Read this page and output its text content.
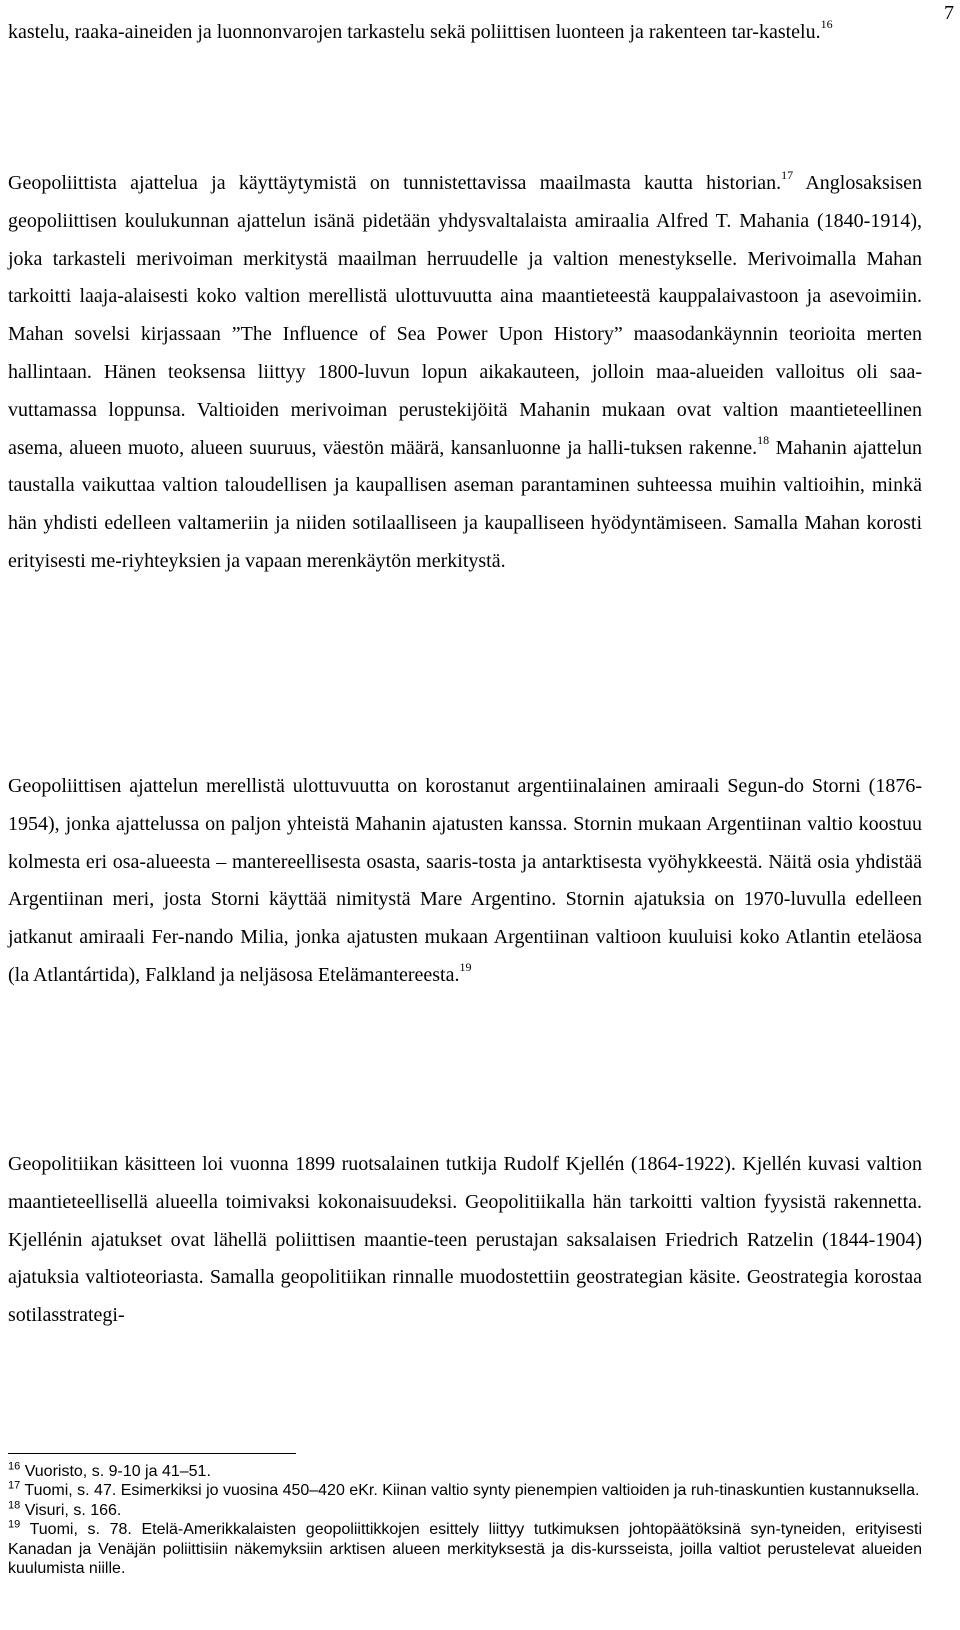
7

kastelu, raaka-aineiden ja luonnonvarojen tarkastelu sekä poliittisen luonteen ja rakenteen tar-kastelu.$^{16}$

Geopoliittista ajattelua ja käyttäytymistä on tunnistettavissa maailmasta kautta historian.$^{17}$ Anglosaksisen geopoliittisen koulukunnan ajattelun isänä pidetään yhdysvaltalaista amiraalia Alfred T. Mahania (1840-1914), joka tarkasteli merivoiman merkitystä maailman herruudelle ja valtion menestykselle. Merivoimalla Mahan tarkoitti laaja-alaisesti koko valtion merellistä ulottuvuutta aina maantieteestä kauppalaivastoon ja asevoimiin. Mahan sovelsi kirjassaan ”The Influence of Sea Power Upon History” maasodankäynnin teorioita merten hallintaan. Hänen teoksensa liittyy 1800-luvun lopun aikakauteen, jolloin maa-alueiden valloitus oli saa-vuttamassa loppunsa. Valtioiden merivoiman perustekijöitä Mahanin mukaan ovat valtion maantieteellinen asema, alueen muoto, alueen suuruus, väestön määrä, kansanluonne ja halli-tuksen rakenne.$^{18}$ Mahanin ajattelun taustalla vaikuttaa valtion taloudellisen ja kaupallisen aseman parantaminen suhteessa muihin valtioihin, minkä hän yhdisti edelleen valtameriin ja niiden sotilaalliseen ja kaupalliseen hyödyntämiseen. Samalla Mahan korosti erityisesti me-riyhteyksien ja vapaan merenkäytön merkitystä.

Geopoliittisen ajattelun merellistä ulottuvuutta on korostanut argentiinalainen amiraali Segun-do Storni (1876-1954), jonka ajattelussa on paljon yhteistä Mahanin ajatusten kanssa. Stornin mukaan Argentiinan valtio koostuu kolmesta eri osa-alueesta – mantereellisesta osasta, saaris-tosta ja antarktisesta vyöhykkeestä. Näitä osia yhdistää Argentiinan meri, josta Storni käyttää nimitystä Mare Argentino. Stornin ajatuksia on 1970-luvulla edelleen jatkanut amiraali Fer-nando Milia, jonka ajatusten mukaan Argentiinan valtioon kuuluisi koko Atlantin eteläosa (la Atlantártida), Falkland ja neljäsosa Etelämantereesta.$^{19}$

Geopolitiikan käsitteen loi vuonna 1899 ruotsalainen tutkija Rudolf Kjellén (1864-1922). Kjellén kuvasi valtion maantieteellisellä alueella toimivaksi kokonaisuudeksi. Geopolitiikalla hän tarkoitti valtion fyysistä rakennetta. Kjellénin ajatukset ovat lähellä poliittisen maantie-teen perustajan saksalaisen Friedrich Ratzelin (1844-1904) ajatuksia valtioteoriasta. Samalla geopolitiikan rinnalle muodostettiin geostrategian käsite. Geostrategia korostaa sotilasstrategi-

$^{16}$ Vuoristo, s. 9-10 ja 41–51.

$^{17}$ Tuomi, s. 47. Esimerkiksi jo vuosina 450–420 eKr. Kiinan valtio synty pienempien valtioiden ja ruh-tinaskuntien kustannuksella.

$^{18}$ Visuri, s. 166.

$^{19}$ Tuomi, s. 78. Etelä-Amerikkalaisten geopoliittikkojen esittely liittyy tutkimuksen johtopäätöksinä syn-tyneiden, erityisesti Kanadan ja Venäjän poliittisiin näkemyksiin arktisen alueen merkityksestä ja dis-kursseista, joilla valtiot perustelevat alueiden kuulumista niille.
